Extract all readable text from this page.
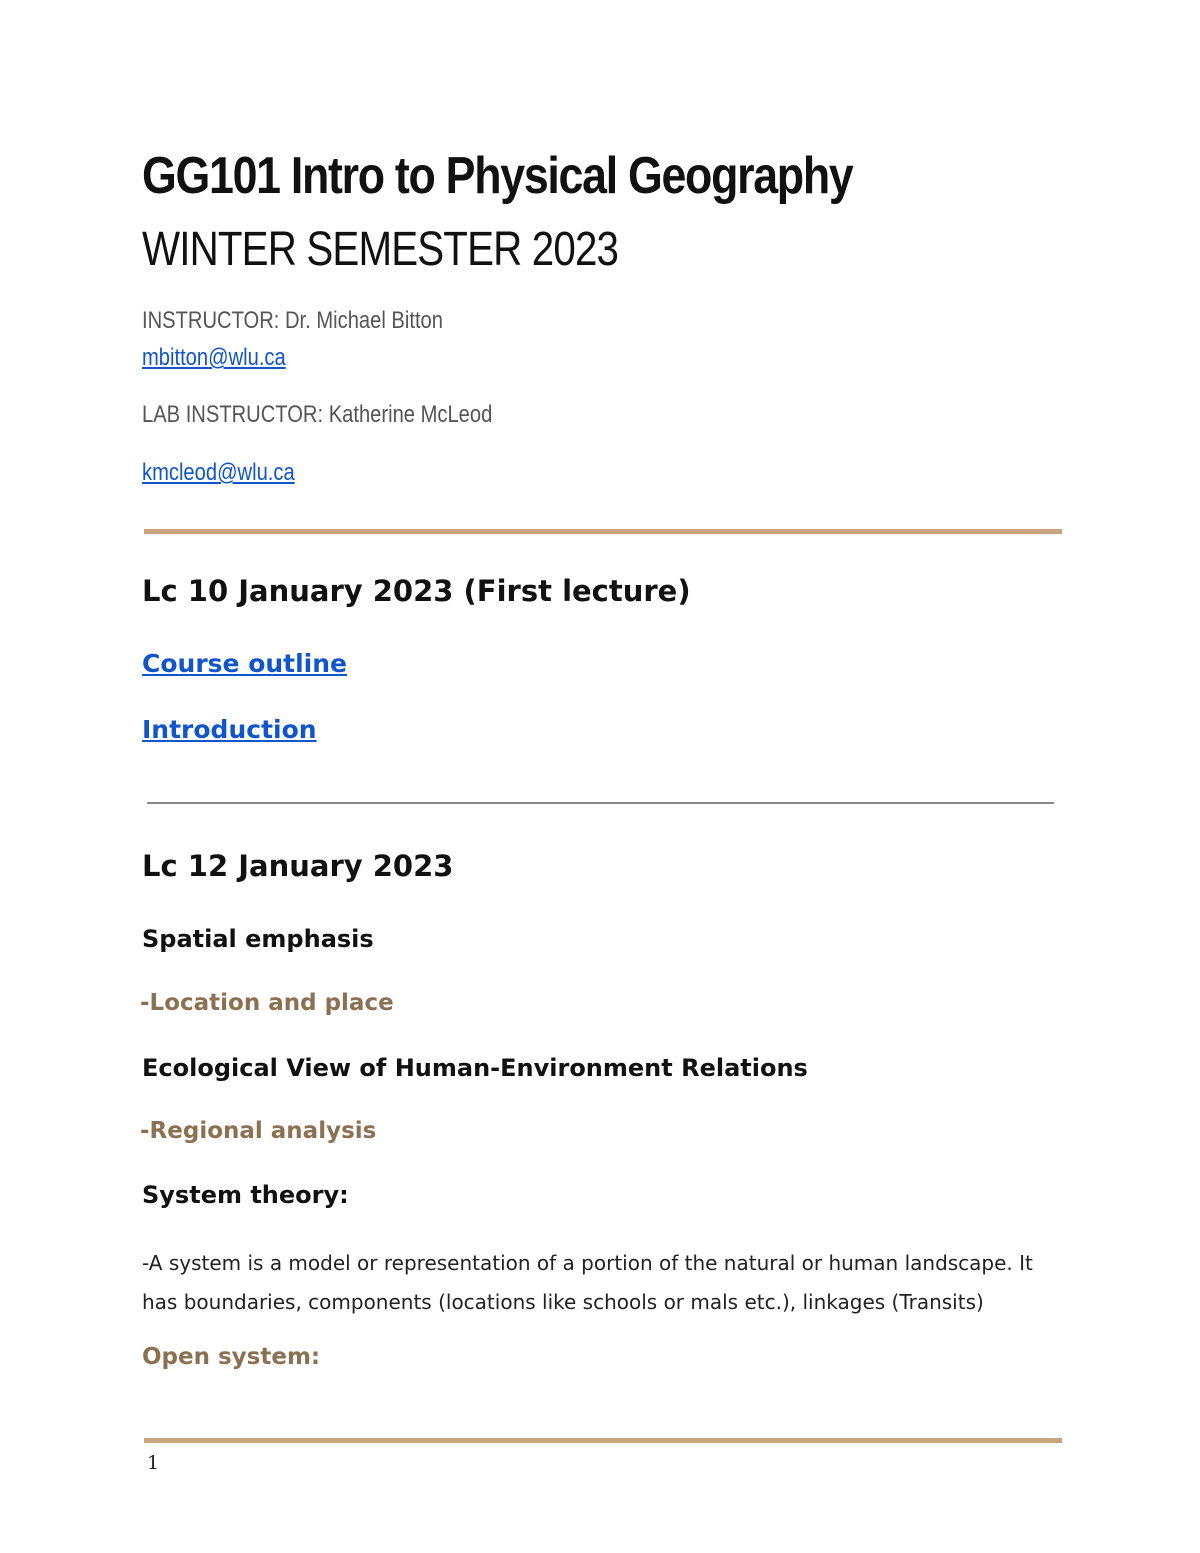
GG101 Intro to Physical Geography
WINTER SEMESTER 2023
INSTRUCTOR: Dr. Michael Bitton
mbitton@wlu.ca
LAB INSTRUCTOR: Katherine McLeod
kmcleod@wlu.ca
Lc 10 January 2023 (First lecture)
Course outline
Introduction
Lc 12 January 2023
Spatial emphasis
-Location and place
Ecological View of Human-Environment Relations
-Regional analysis
System theory:

-A system is a model or representation of a portion of the natural or human landscape. It has boundaries, components (locations like schools or mals etc.), linkages (Transits)

Open system:
1
